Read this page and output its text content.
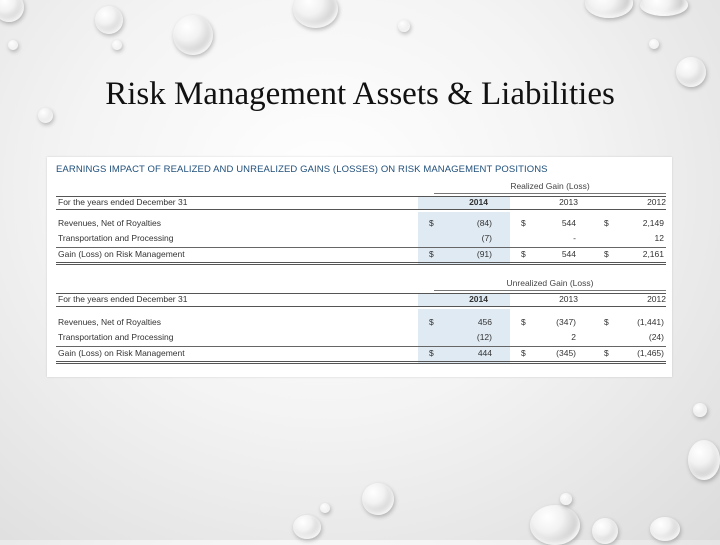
Risk Management Assets & Liabilities
EARNINGS IMPACT OF REALIZED AND UNREALIZED GAINS (LOSSES) ON RISK MANAGEMENT POSITIONS
Realized Gain (Loss)
For the years ended December 31	2014	2013	2012
Revenues, Net of Royalties	$	(84)	$	544	$	2,149
Transportation and Processing	(7)	-	12
Gain (Loss) on Risk Management	$	(91)	$	544	$	2,161
Unrealized Gain (Loss)
For the years ended December 31	2014	2013	2012
Revenues, Net of Royalties	$	456	$	(347)	$	(1,441)
Transportation and Processing	(12)	2	(24)
Gain (Loss) on Risk Management	$	444	$	(345)	$	(1,465)
